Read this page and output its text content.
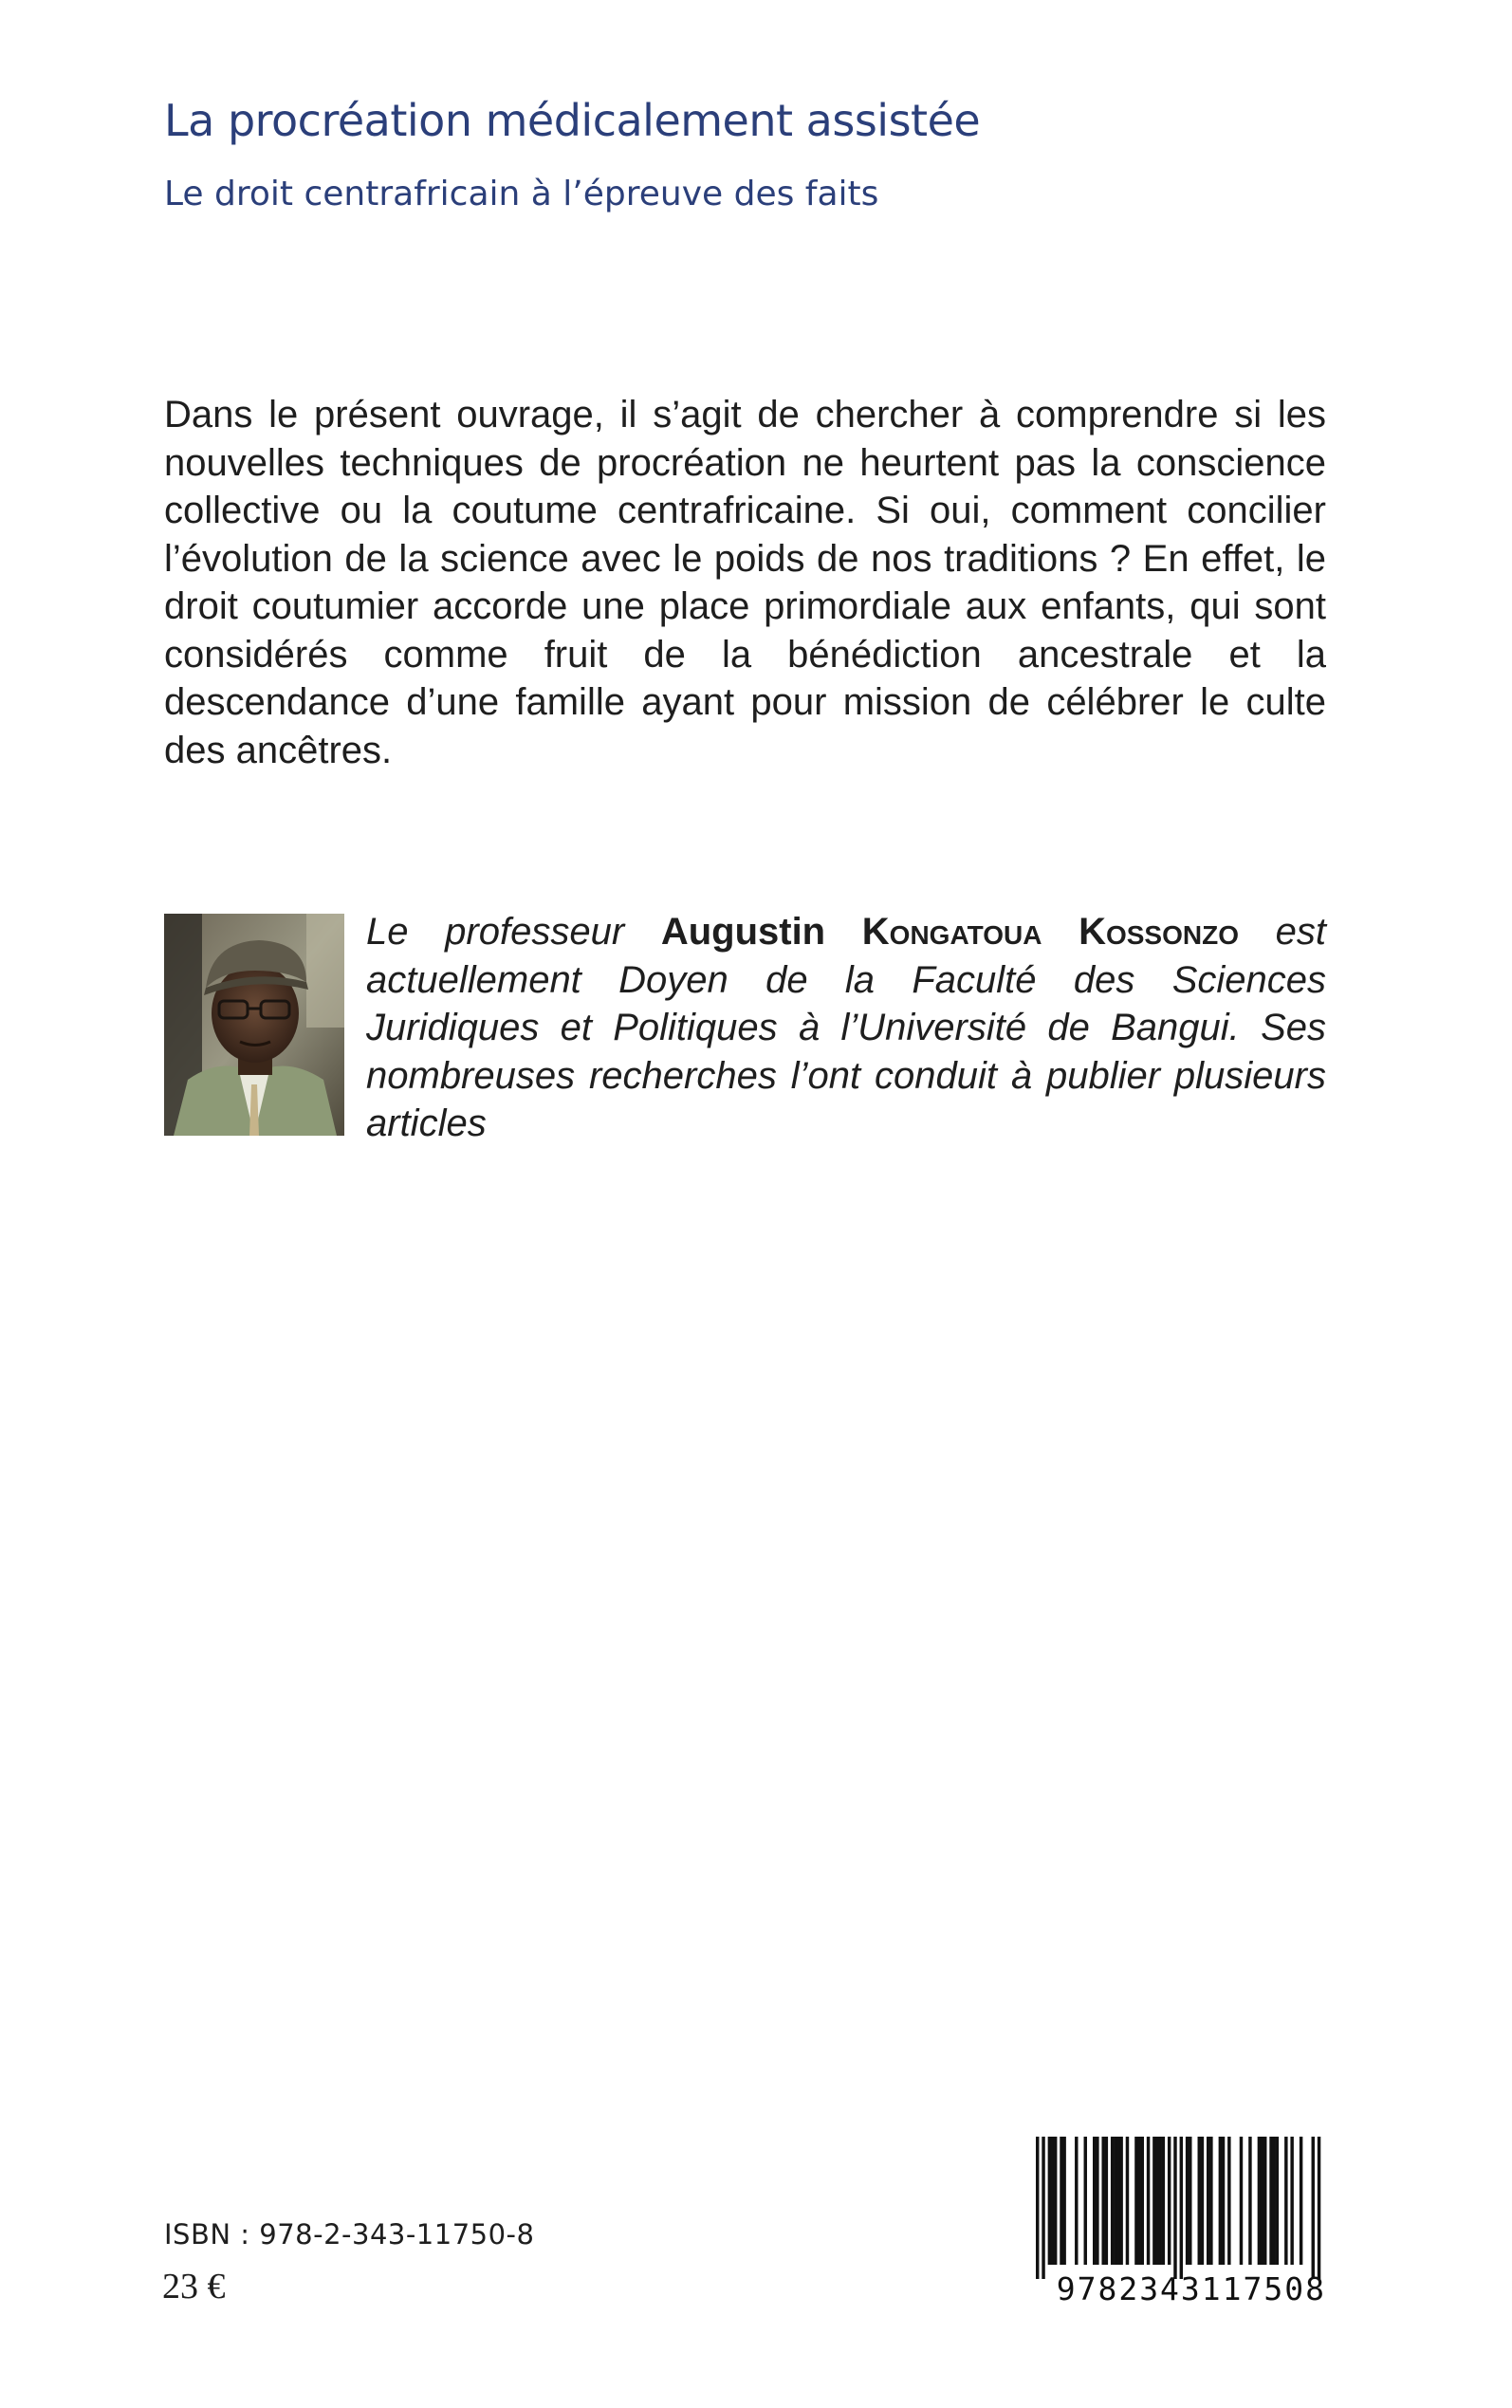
La procréation médicalement assistée
Le droit centrafricain à l’épreuve des faits

Dans le présent ouvrage, il s’agit de chercher à comprendre si les nouvelles techniques de procréation ne heurtent pas la conscience collective ou la coutume centrafricaine. Si oui, comment concilier l’évolution de la science avec le poids de nos traditions ? En effet, le droit coutumier accorde une place primordiale aux enfants, qui sont considérés comme fruit de la bénédiction ancestrale et la descendance d’une famille ayant pour mission de célébrer le culte des ancêtres.

Le professeur Augustin Kongatoua Kossonzo est actuellement Doyen de la Faculté des Sciences Juridiques et Politiques à l’Université de Bangui. Ses nombreuses recherches l’ont conduit à publier plusieurs articles

ISBN : 978-2-343-11750-8

23 €	9782343117508
